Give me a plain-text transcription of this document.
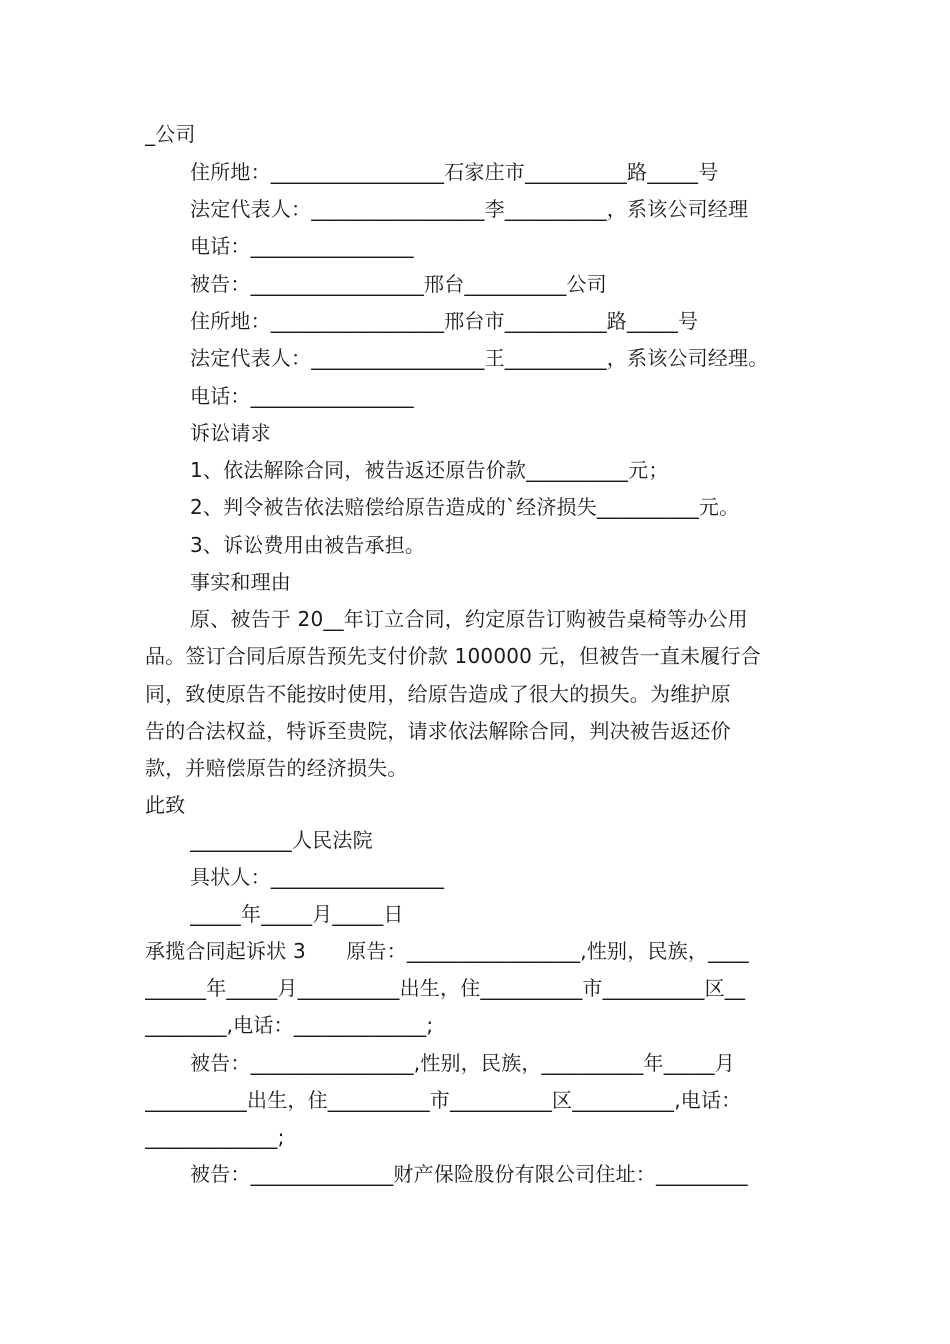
_公司
住所地：_________________石家庄市__________路_____号
法定代表人：_________________李__________，系该公司经理
电话：________________
被告：_________________邢台__________公司
住所地：_________________邢台市__________路_____号
法定代表人：_________________王__________，系该公司经理。
电话：________________
诉讼请求
1、依法解除合同，被告返还原告价款__________元；
2、判令被告依法赔偿给原告造成的`经济损失__________元。
3、诉讼费用由被告承担。
事实和理由
原、被告于 20__年订立合同，约定原告订购被告桌椅等办公用
品。签订合同后原告预先支付价款 100000 元，但被告一直未履行合
同，致使原告不能按时使用，给原告造成了很大的损失。为维护原
告的合法权益，特诉至贵院，请求依法解除合同，判决被告返还价
款，并赔偿原告的经济损失。
此致
__________人民法院
具状人：_________________
_____年_____月_____日
承揽合同起诉状 3　　原告：_________________,性别，民族，____
______年_____月__________出生，住__________市__________区__
________,电话：_____________;
被告：________________,性别，民族，__________年_____月
__________出生，住__________市__________区__________,电话：
_____________;
被告：______________财产保险股份有限公司住址：_________
